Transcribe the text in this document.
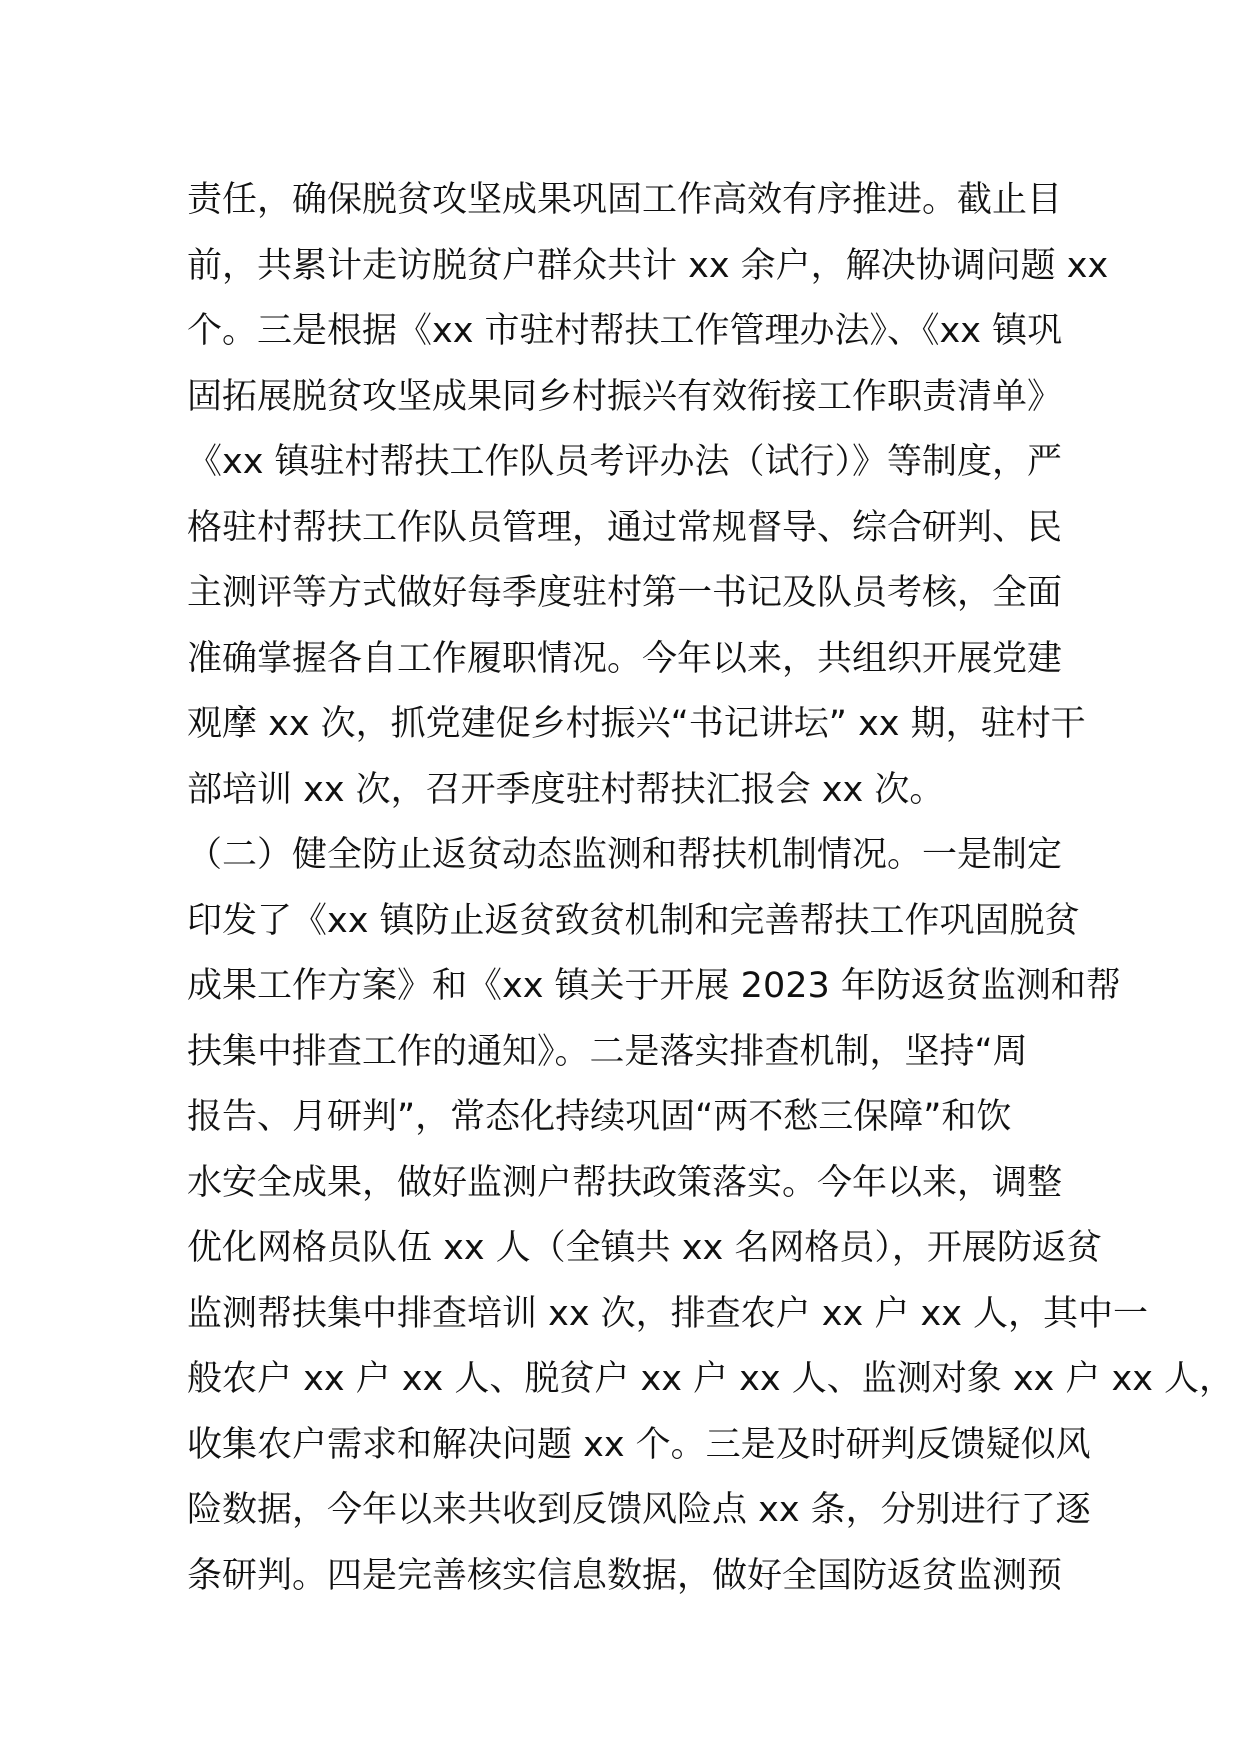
责任，确保脱贫攻坚成果巩固工作高效有序推进。截止目
前，共累计走访脱贫户群众共计 xx 余户，解决协调问题 xx
个。三是根据《xx 市驻村帮扶工作管理办法》、《xx 镇巩
固拓展脱贫攻坚成果同乡村振兴有效衔接工作职责清单》
《xx 镇驻村帮扶工作队员考评办法（试行）》等制度，严
格驻村帮扶工作队员管理，通过常规督导、综合研判、民
主测评等方式做好每季度驻村第一书记及队员考核，全面
准确掌握各自工作履职情况。今年以来，共组织开展党建
观摩 xx 次，抓党建促乡村振兴“书记讲坛” xx 期，驻村干
部培训 xx 次，召开季度驻村帮扶汇报会 xx 次。
（二）健全防止返贫动态监测和帮扶机制情况。一是制定
印发了《xx 镇防止返贫致贫机制和完善帮扶工作巩固脱贫
成果工作方案》和《xx 镇关于开展 2023 年防返贫监测和帮
扶集中排查工作的通知》。二是落实排查机制，坚持“周
报告、月研判”，常态化持续巩固“两不愁三保障”和饮
水安全成果，做好监测户帮扶政策落实。今年以来，调整
优化网格员队伍 xx 人（全镇共 xx 名网格员），开展防返贫
监测帮扶集中排查培训 xx 次，排查农户 xx 户 xx 人，其中一
般农户 xx 户 xx 人、脱贫户 xx 户 xx 人、监测对象 xx 户 xx 人，
收集农户需求和解决问题 xx 个。三是及时研判反馈疑似风
险数据，今年以来共收到反馈风险点 xx 条，分别进行了逐
条研判。四是完善核实信息数据，做好全国防返贫监测预
